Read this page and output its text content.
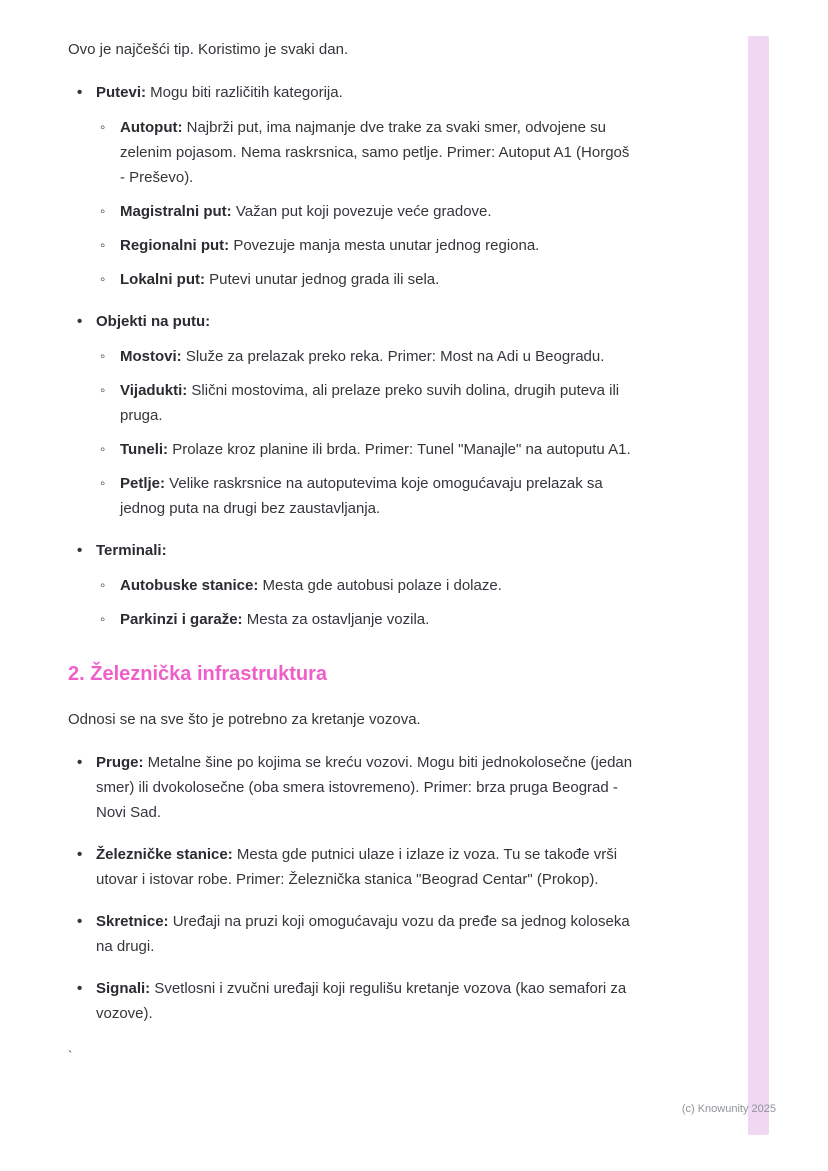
Ovo je najčešći tip. Koristimo je svaki dan.

• Putevi: Mogu biti različitih kategorija.
◦ Autoput: Najbrži put, ima najmanje dve trake za svaki smer, odvojene su zelenim pojasom. Nema raskrsnica, samo petlje. Primer: Autoput A1 (Horgoš - Preševo).
◦ Magistralni put: Važan put koji povezuje veće gradove.
◦ Regionalni put: Povezuje manja mesta unutar jednog regiona.
◦ Lokalni put: Putevi unutar jednog grada ili sela.
• Objekti na putu:
◦ Mostovi: Služe za prelazak preko reka. Primer: Most na Adi u Beogradu.
◦ Vijadukti: Slični mostovima, ali prelaze preko suvih dolina, drugih puteva ili pruga.
◦ Tuneli: Prolaze kroz planine ili brda. Primer: Tunel "Manajle" na autoputu A1.
◦ Petlje: Velike raskrsnice na autoputevima koje omogućavaju prelazak sa jednog puta na drugi bez zaustavljanja.
• Terminali:
◦ Autobuske stanice: Mesta gde autobusi polaze i dolaze.
◦ Parkinzi i garaže: Mesta za ostavljanje vozila.
2. Železnička infrastruktura

Odnosi se na sve što je potrebno za kretanje vozova.

• Pruge: Metalne šine po kojima se kreću vozovi. Mogu biti jednokolosečne (jedan smer) ili dvokolosečne (oba smera istovremeno). Primer: brza pruga Beograd - Novi Sad.
• Železničke stanice: Mesta gde putnici ulaze i izlaze iz voza. Tu se takođe vrši utovar i istovar robe. Primer: Železnička stanica "Beograd Centar" (Prokop).
• Skretnice: Uređaji na pruzi koji omogućavaju vozu da pređe sa jednog koloseka na drugi.
• Signali: Svetlosni i zvučni uređaji koji regulišu kretanje vozova (kao semafori za vozove).

`

(c) Knowunity 2025
